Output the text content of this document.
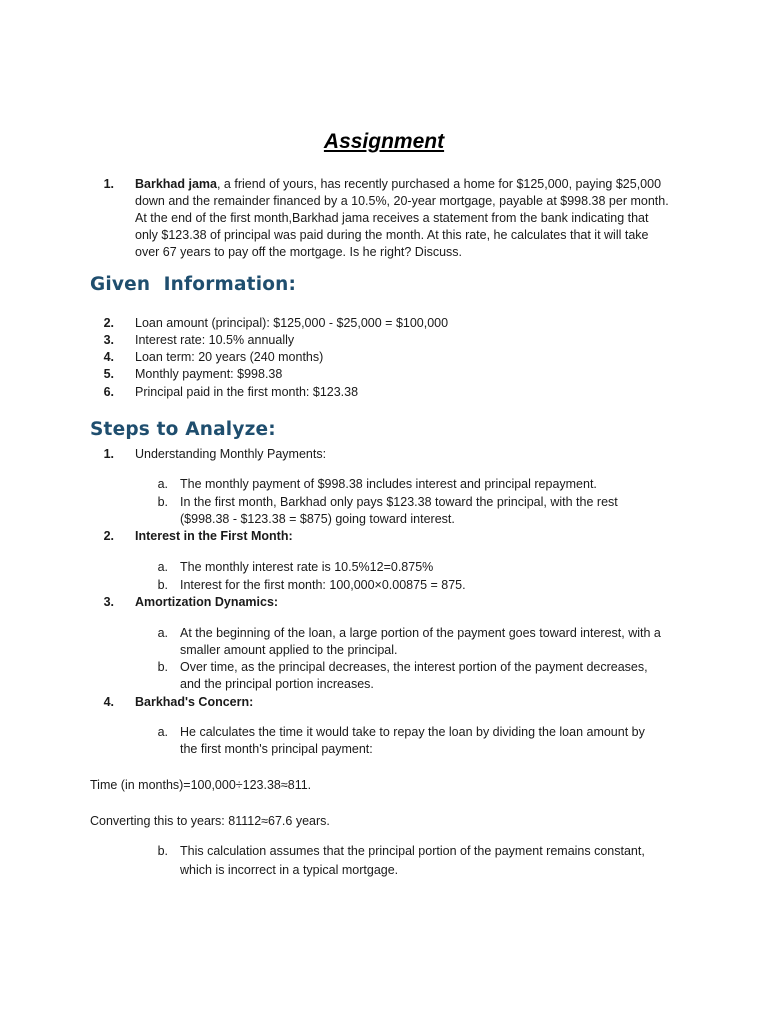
Assignment
1. Barkhad jama, a friend of yours, has recently purchased a home for $125,000, paying $25,000
down and the remainder financed by a 10.5%, 20-year mortgage, payable at $998.38 per month.
At the end of the first month,Barkhad jama receives a statement from the bank indicating that
only $123.38 of principal was paid during the month. At this rate, he calculates that it will take
over 67 years to pay off the mortgage. Is he right? Discuss.
Given  Information:
2. Loan amount (principal): $125,000 - $25,000 = $100,000
3. Interest rate: 10.5% annually
4. Loan term: 20 years (240 months)
5. Monthly payment: $998.38
6. Principal paid in the first month: $123.38
Steps to Analyze:
1. Understanding Monthly Payments:
a. The monthly payment of $998.38 includes interest and principal repayment.
b. In the first month, Barkhad only pays $123.38 toward the principal, with the rest
($998.38 - $123.38 = $875) going toward interest.
2. Interest in the First Month:
a. The monthly interest rate is 10.5%12=0.875%
b. Interest for the first month: 100,000×0.00875 = 875.
3. Amortization Dynamics:
a. At the beginning of the loan, a large portion of the payment goes toward interest, with a
smaller amount applied to the principal.
b. Over time, as the principal decreases, the interest portion of the payment decreases,
and the principal portion increases.
4. Barkhad's Concern:
a. He calculates the time it would take to repay the loan by dividing the loan amount by
the first month's principal payment:
Time (in months)=100,000÷123.38≈811.
Converting this to years: 81112≈67.6 years.
b. This calculation assumes that the principal portion of the payment remains constant,
which is incorrect in a typical mortgage.
